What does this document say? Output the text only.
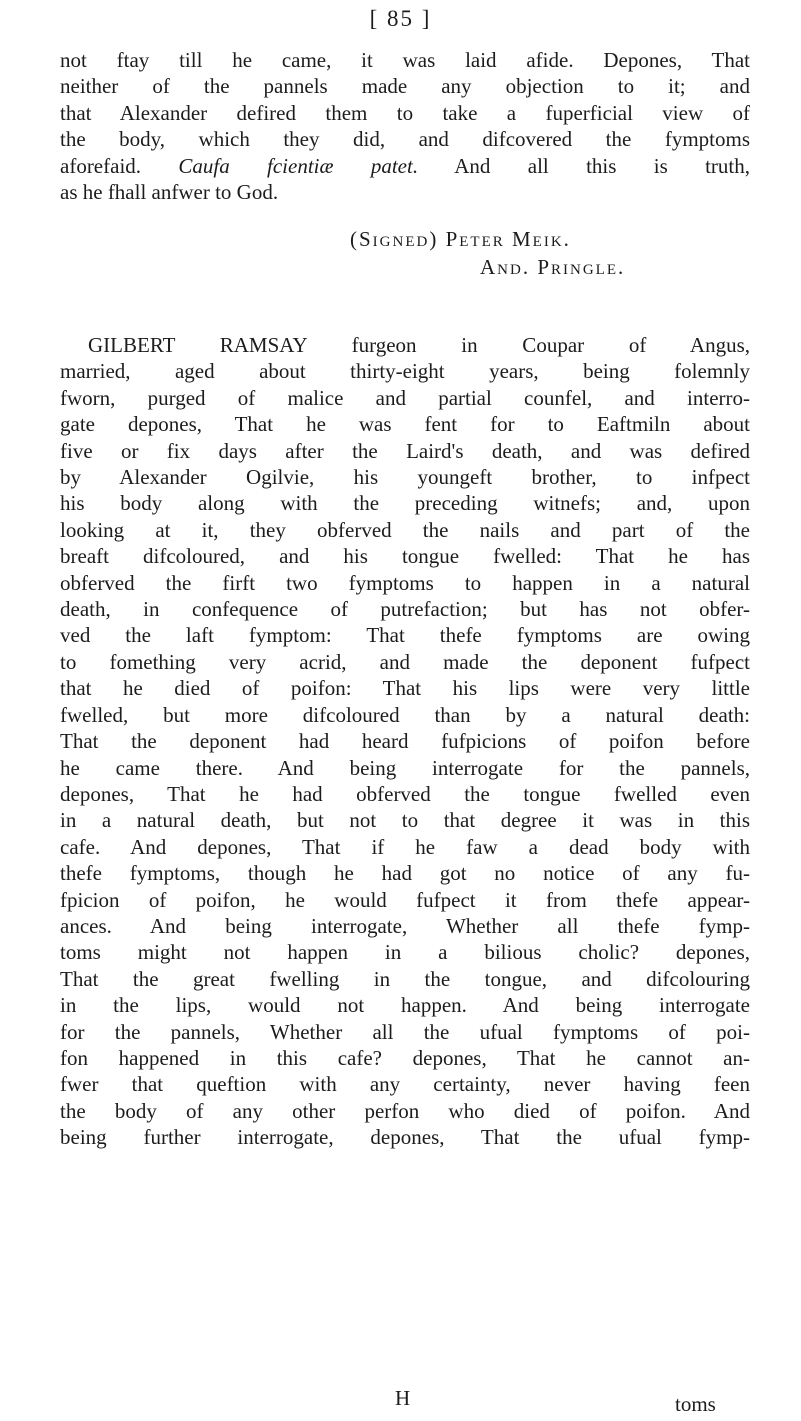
[ 85 ]
not ftay till he came, it was laid afide. Depones, That
neither of the pannels made any objection to it; and
that Alexander defired them to take a fuperficial view of
the body, which they did, and difcovered the fymptoms
aforefaid. Caufa fcientiæ patet. And all this is truth,
as he fhall anfwer to God.
(Signed) Peter Meik.
And. Pringle.
GILBERT RAMSAY furgeon in Coupar of Angus,
married, aged about thirty-eight years, being folemnly
fworn, purged of malice and partial counfel, and interro-
gate depones, That he was fent for to Eaftmiln about
five or fix days after the Laird's death, and was defired
by Alexander Ogilvie, his youngeft brother, to infpect
his body along with the preceding witnefs; and, upon
looking at it, they obferved the nails and part of the
breaft difcoloured, and his tongue fwelled: That he has
obferved the firft two fymptoms to happen in a natural
death, in confequence of putrefaction; but has not obfer-
ved the laft fymptom: That thefe fymptoms are owing
to fomething very acrid, and made the deponent fufpect
that he died of poifon: That his lips were very little
fwelled, but more difcoloured than by a natural death:
That the deponent had heard fufpicions of poifon before
he came there. And being interrogate for the pannels,
depones, That he had obferved the tongue fwelled even
in a natural death, but not to that degree it was in this
cafe. And depones, That if he faw a dead body with
thefe fymptoms, though he had got no notice of any fu-
fpicion of poifon, he would fufpect it from thefe appear-
ances. And being interrogate, Whether all thefe fymp-
toms might not happen in a bilious cholic? depones,
That the great fwelling in the tongue, and difcolouring
in the lips, would not happen. And being interrogate
for the pannels, Whether all the ufual fymptoms of poi-
fon happened in this cafe? depones, That he cannot an-
fwer that queftion with any certainty, never having feen
the body of any other perfon who died of poifon. And
being further interrogate, depones, That the ufual fymp-
H	toms
